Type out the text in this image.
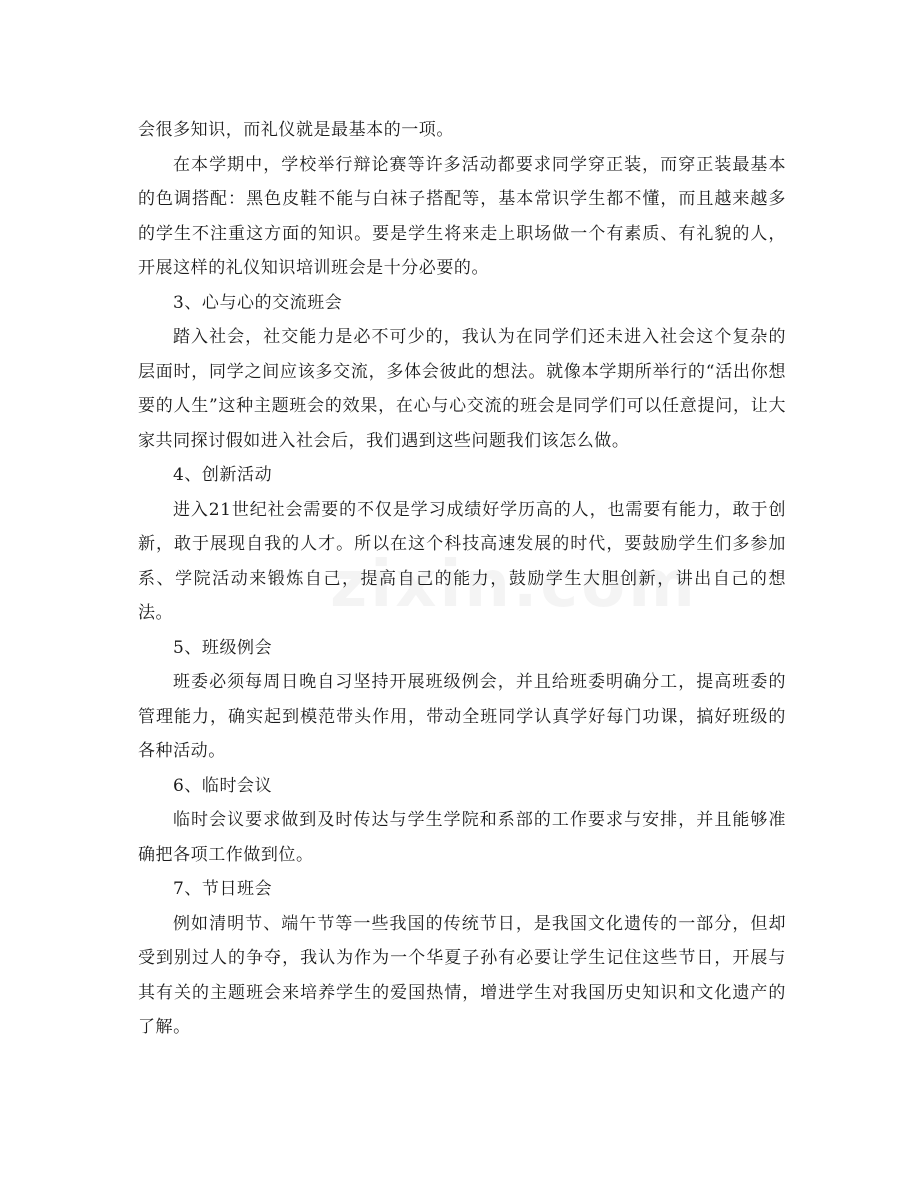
会很多知识，而礼仪就是最基本的一项。

在本学期中，学校举行辩论赛等许多活动都要求同学穿正装，而穿正装最基本的色调搭配：黑色皮鞋不能与白袜子搭配等，基本常识学生都不懂，而且越来越多的学生不注重这方面的知识。要是学生将来走上职场做一个有素质、有礼貌的人，开展这样的礼仪知识培训班会是十分必要的。

3、心与心的交流班会

踏入社会，社交能力是必不可少的，我认为在同学们还未进入社会这个复杂的层面时，同学之间应该多交流，多体会彼此的想法。就像本学期所举行的“活出你想要的人生”这种主题班会的效果，在心与心交流的班会是同学们可以任意提问，让大家共同探讨假如进入社会后，我们遇到这些问题我们该怎么做。

4、创新活动

进入21世纪社会需要的不仅是学习成绩好学历高的人，也需要有能力，敢于创新，敢于展现自我的人才。所以在这个科技高速发展的时代，要鼓励学生们多参加系、学院活动来锻炼自己，提高自己的能力，鼓励学生大胆创新，讲出自己的想法。

5、班级例会

班委必须每周日晚自习坚持开展班级例会，并且给班委明确分工，提高班委的管理能力，确实起到模范带头作用，带动全班同学认真学好每门功课，搞好班级的各种活动。

6、临时会议

临时会议要求做到及时传达与学生学院和系部的工作要求与安排，并且能够准确把各项工作做到位。

7、节日班会

例如清明节、端午节等一些我国的传统节日，是我国文化遗传的一部分，但却受到别过人的争夺，我认为作为一个华夏子孙有必要让学生记住这些节日，开展与其有关的主题班会来培养学生的爱国热情，增进学生对我国历史知识和文化遗产的了解。
